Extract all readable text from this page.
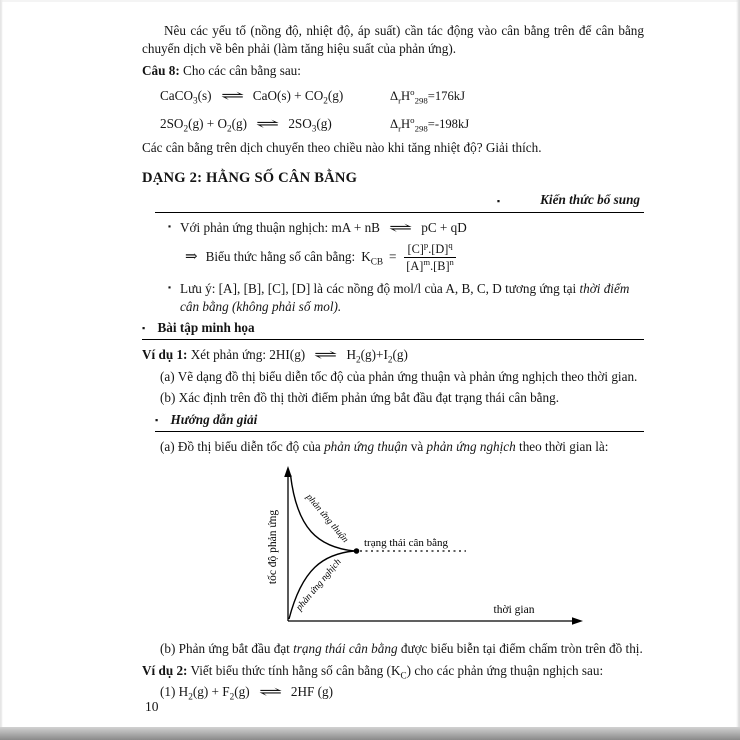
Nêu các yếu tố (nồng độ, nhiệt độ, áp suất) cần tác động vào cân bằng trên để cân bằng chuyển dịch về bên phải (làm tăng hiệu suất của phản ứng).

Câu 8: Cho các cân bằng sau:

CaCO$_3$(s) ⇌ $CaO(s) + CO_2(g)$	$\Delta_rH^o_{298}=176kJ$
$2SO_2(g) + O_2(g)$ ⇌ $2SO_3(g)$	$\Delta_rH^o_{298}=-198kJ$

Các cân bằng trên dịch chuyển theo chiều nào khi tăng nhiệt độ? Giải thích.

DẠNG 2: HẰNG SỐ CÂN BẰNG
▪	Kiến thức bổ sung
▪ Với phản ứng thuận nghịch: mA + nB ⇌ pC + qD
⇒ Biểu thức hằng số cân bằng: $K_{CB} = \frac{[C]^p.[D]^q}{[A]^m.[B]^n}$
▪ Lưu ý: [A], [B], [C], [D] là các nồng độ mol/l của A, B, C, D tương ứng tại thời điểm cân bằng (không phải số mol).
▪ Bài tập minh họa

Ví dụ 1: Xét phản ứng: 2HI(g) ⇌ $H_2(g)+I_2(g)$

(a) Vẽ dạng đồ thị biểu diễn tốc độ của phản ứng thuận và phản ứng nghịch theo thời gian.

(b) Xác định trên đồ thị thời điểm phản ứng bắt đầu đạt trạng thái cân bằng.

▪ Hướng dẫn giải

(a) Đồ thị biểu diễn tốc độ của phản ứng thuận và phản ứng nghịch theo thời gian là:

tốc độ phản ứng
thời gian
phản ứng thuận
phản ứng nghịch
trạng thái cân bằng

(b) Phản ứng bắt đầu đạt trạng thái cân bằng được biểu biễn tại điểm chấm tròn trên đồ thị.

Ví dụ 2: Viết biểu thức tính hằng số cân bằng $(K_C)$ cho các phản ứng thuận nghịch sau:

(1) $H_2(g) + F_2(g)$ ⇌ 2HF (g)

10
